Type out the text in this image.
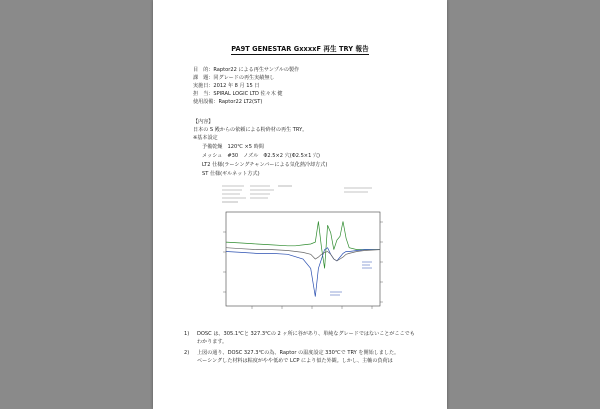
PA9T GENESTAR GxxxxF 再生 TRY 報告
目　的：Raptor22 による再生サンプルの製作
課　題：同グレードの再生実績無し
実施日：2012 年 8 月 15 日
担　当：SPIRAL LOGIC LTD 佐々木 健
使用設備：Raptor22 LT2(ST)
【内容】
日本の S 殿からの依頼による粉砕材の再生 TRY。
※基本設定
予備乾燥　120℃ ×5 時間
メッシュ　#30　ノズル　Φ2.5×2 穴(Φ2.5×1 穴)
LT2 仕様(ラーシングチャンバーによる気化熱冷却方式)
ST 仕様(ギルネット方式)
1) DOSC は、305.1℃と 327.3℃の 2 ヶ所に谷があり、単純なグレードではないことがここでも
わかります。
2) 上図の通り、DOSC 327.3℃の為、Raptor の温度設定 330℃で TRY を開始しました。
ベーシングした材料は粘度がやや低めで LCP により似た外観。しかし、主軸の負荷は
